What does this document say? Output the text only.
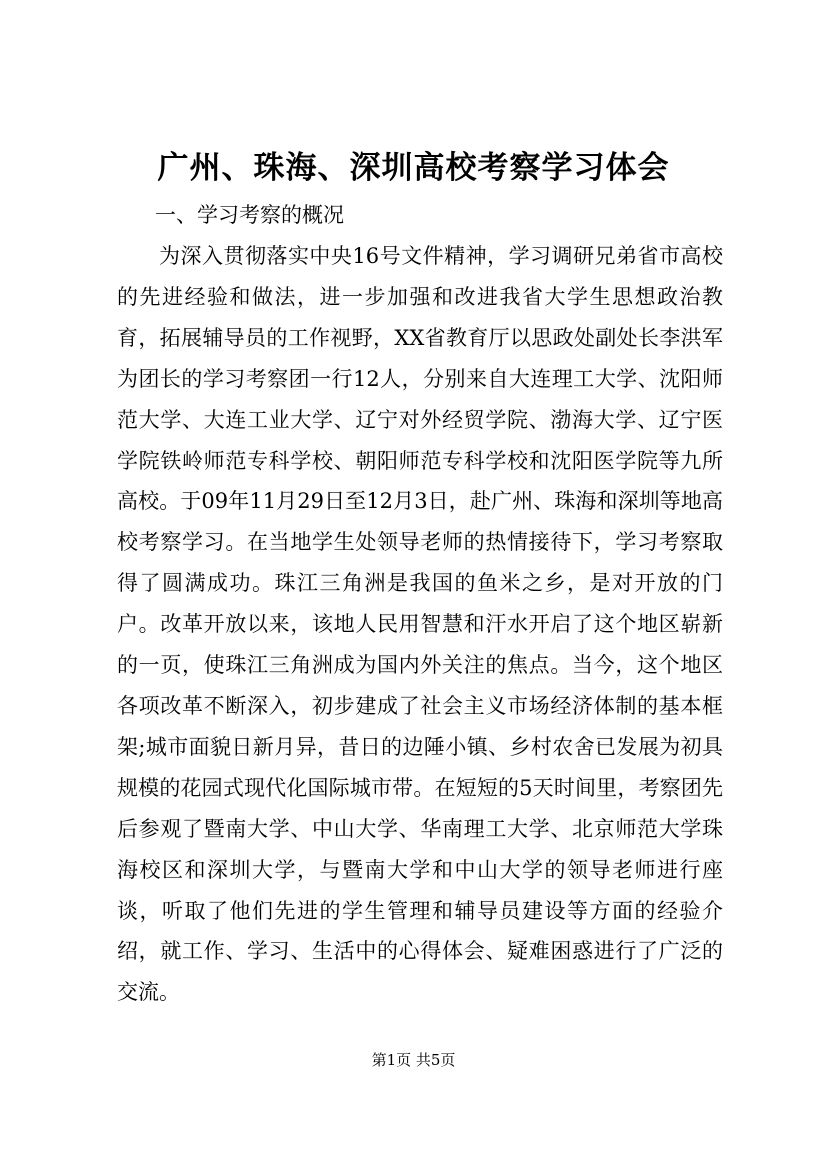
广州、珠海、深圳高校考察学习体会

一、学习考察的概况

为深入贯彻落实中央16号文件精神，学习调研兄弟省市高校的先进经验和做法，进一步加强和改进我省大学生思想政治教育，拓展辅导员的工作视野，XX省教育厅以思政处副处长李洪军为团长的学习考察团一行12人，分别来自大连理工大学、沈阳师范大学、大连工业大学、辽宁对外经贸学院、渤海大学、辽宁医学院铁岭师范专科学校、朝阳师范专科学校和沈阳医学院等九所高校。于09年11月29日至12月3日，赴广州、珠海和深圳等地高校考察学习。在当地学生处领导老师的热情接待下，学习考察取得了圆满成功。珠江三角洲是我国的鱼米之乡，是对开放的门户。改革开放以来，该地人民用智慧和汗水开启了这个地区崭新的一页，使珠江三角洲成为国内外关注的焦点。当今，这个地区各项改革不断深入，初步建成了社会主义市场经济体制的基本框架;城市面貌日新月异，昔日的边陲小镇、乡村农舍已发展为初具规模的花园式现代化国际城市带。在短短的5天时间里，考察团先后参观了暨南大学、中山大学、华南理工大学、北京师范大学珠海校区和深圳大学，与暨南大学和中山大学的领导老师进行座谈，听取了他们先进的学生管理和辅导员建设等方面的经验介绍，就工作、学习、生活中的心得体会、疑难困惑进行了广泛的交流。

第1页 共5页
